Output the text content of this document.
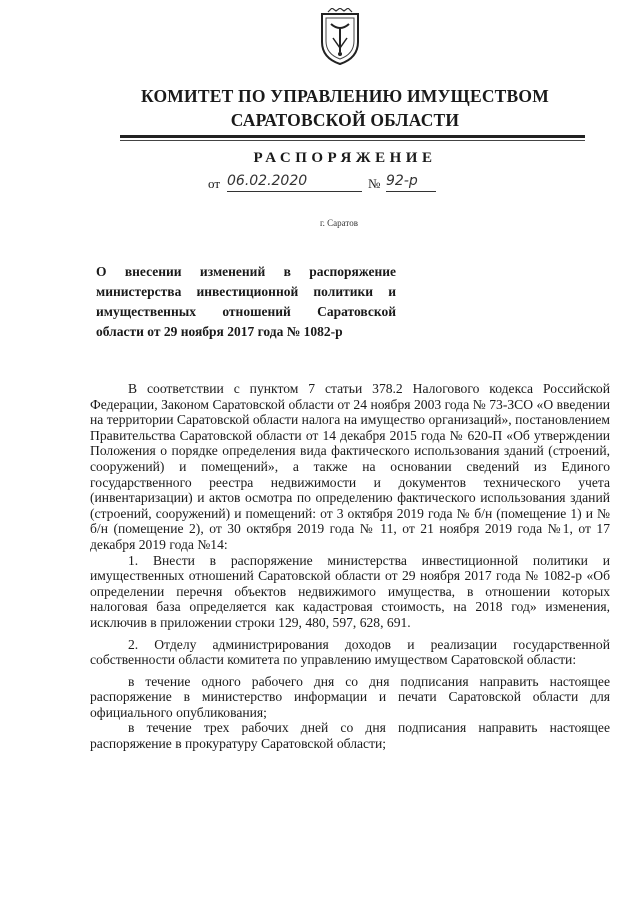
КОМИТЕТ ПО УПРАВЛЕНИЮ ИМУЩЕСТВОМ
САРАТОВСКОЙ ОБЛАСТИ
РАСПОРЯЖЕНИЕ
от 06.02.2020	№ 92-р
г. Саратов
О внесении изменений в распоряжение министерства инвестиционной политики и имущественных отношений Саратовской области от 29 ноября 2017 года № 1082-р

В соответствии с пунктом 7 статьи 378.2 Налогового кодекса Российской Федерации, Законом Саратовской области от 24 ноября 2003 года № 73-ЗСО «О введении на территории Саратовской области налога на имущество организаций», постановлением Правительства Саратовской области от 14 декабря 2015 года № 620-П «Об утверждении Положения о порядке определения вида фактического использования зданий (строений, сооружений) и помещений», а также на основании сведений из Единого государственного реестра недвижимости и документов технического учета (инвентаризации) и актов осмотра по определению фактического использования зданий (строений, сооружений) и помещений: от 3 октября 2019 года № б/н (помещение 1) и № б/н (помещение 2), от 30 октября 2019 года № 11, от 21 ноября 2019 года №1, от 17 декабря 2019 года №14:

1. Внести в распоряжение министерства инвестиционной политики и имущественных отношений Саратовской области от 29 ноября 2017 года № 1082-р «Об определении перечня объектов недвижимого имущества, в отношении которых налоговая база определяется как кадастровая стоимость, на 2018 год» изменения, исключив в приложении строки 129, 480, 597, 628, 691.

2. Отделу администрирования доходов и реализации государственной собственности области комитета по управлению имуществом Саратовской области:

в течение одного рабочего дня со дня подписания направить настоящее распоряжение в министерство информации и печати Саратовской области для официального опубликования;

в течение трех рабочих дней со дня подписания направить настоящее распоряжение в прокуратуру Саратовской области;
